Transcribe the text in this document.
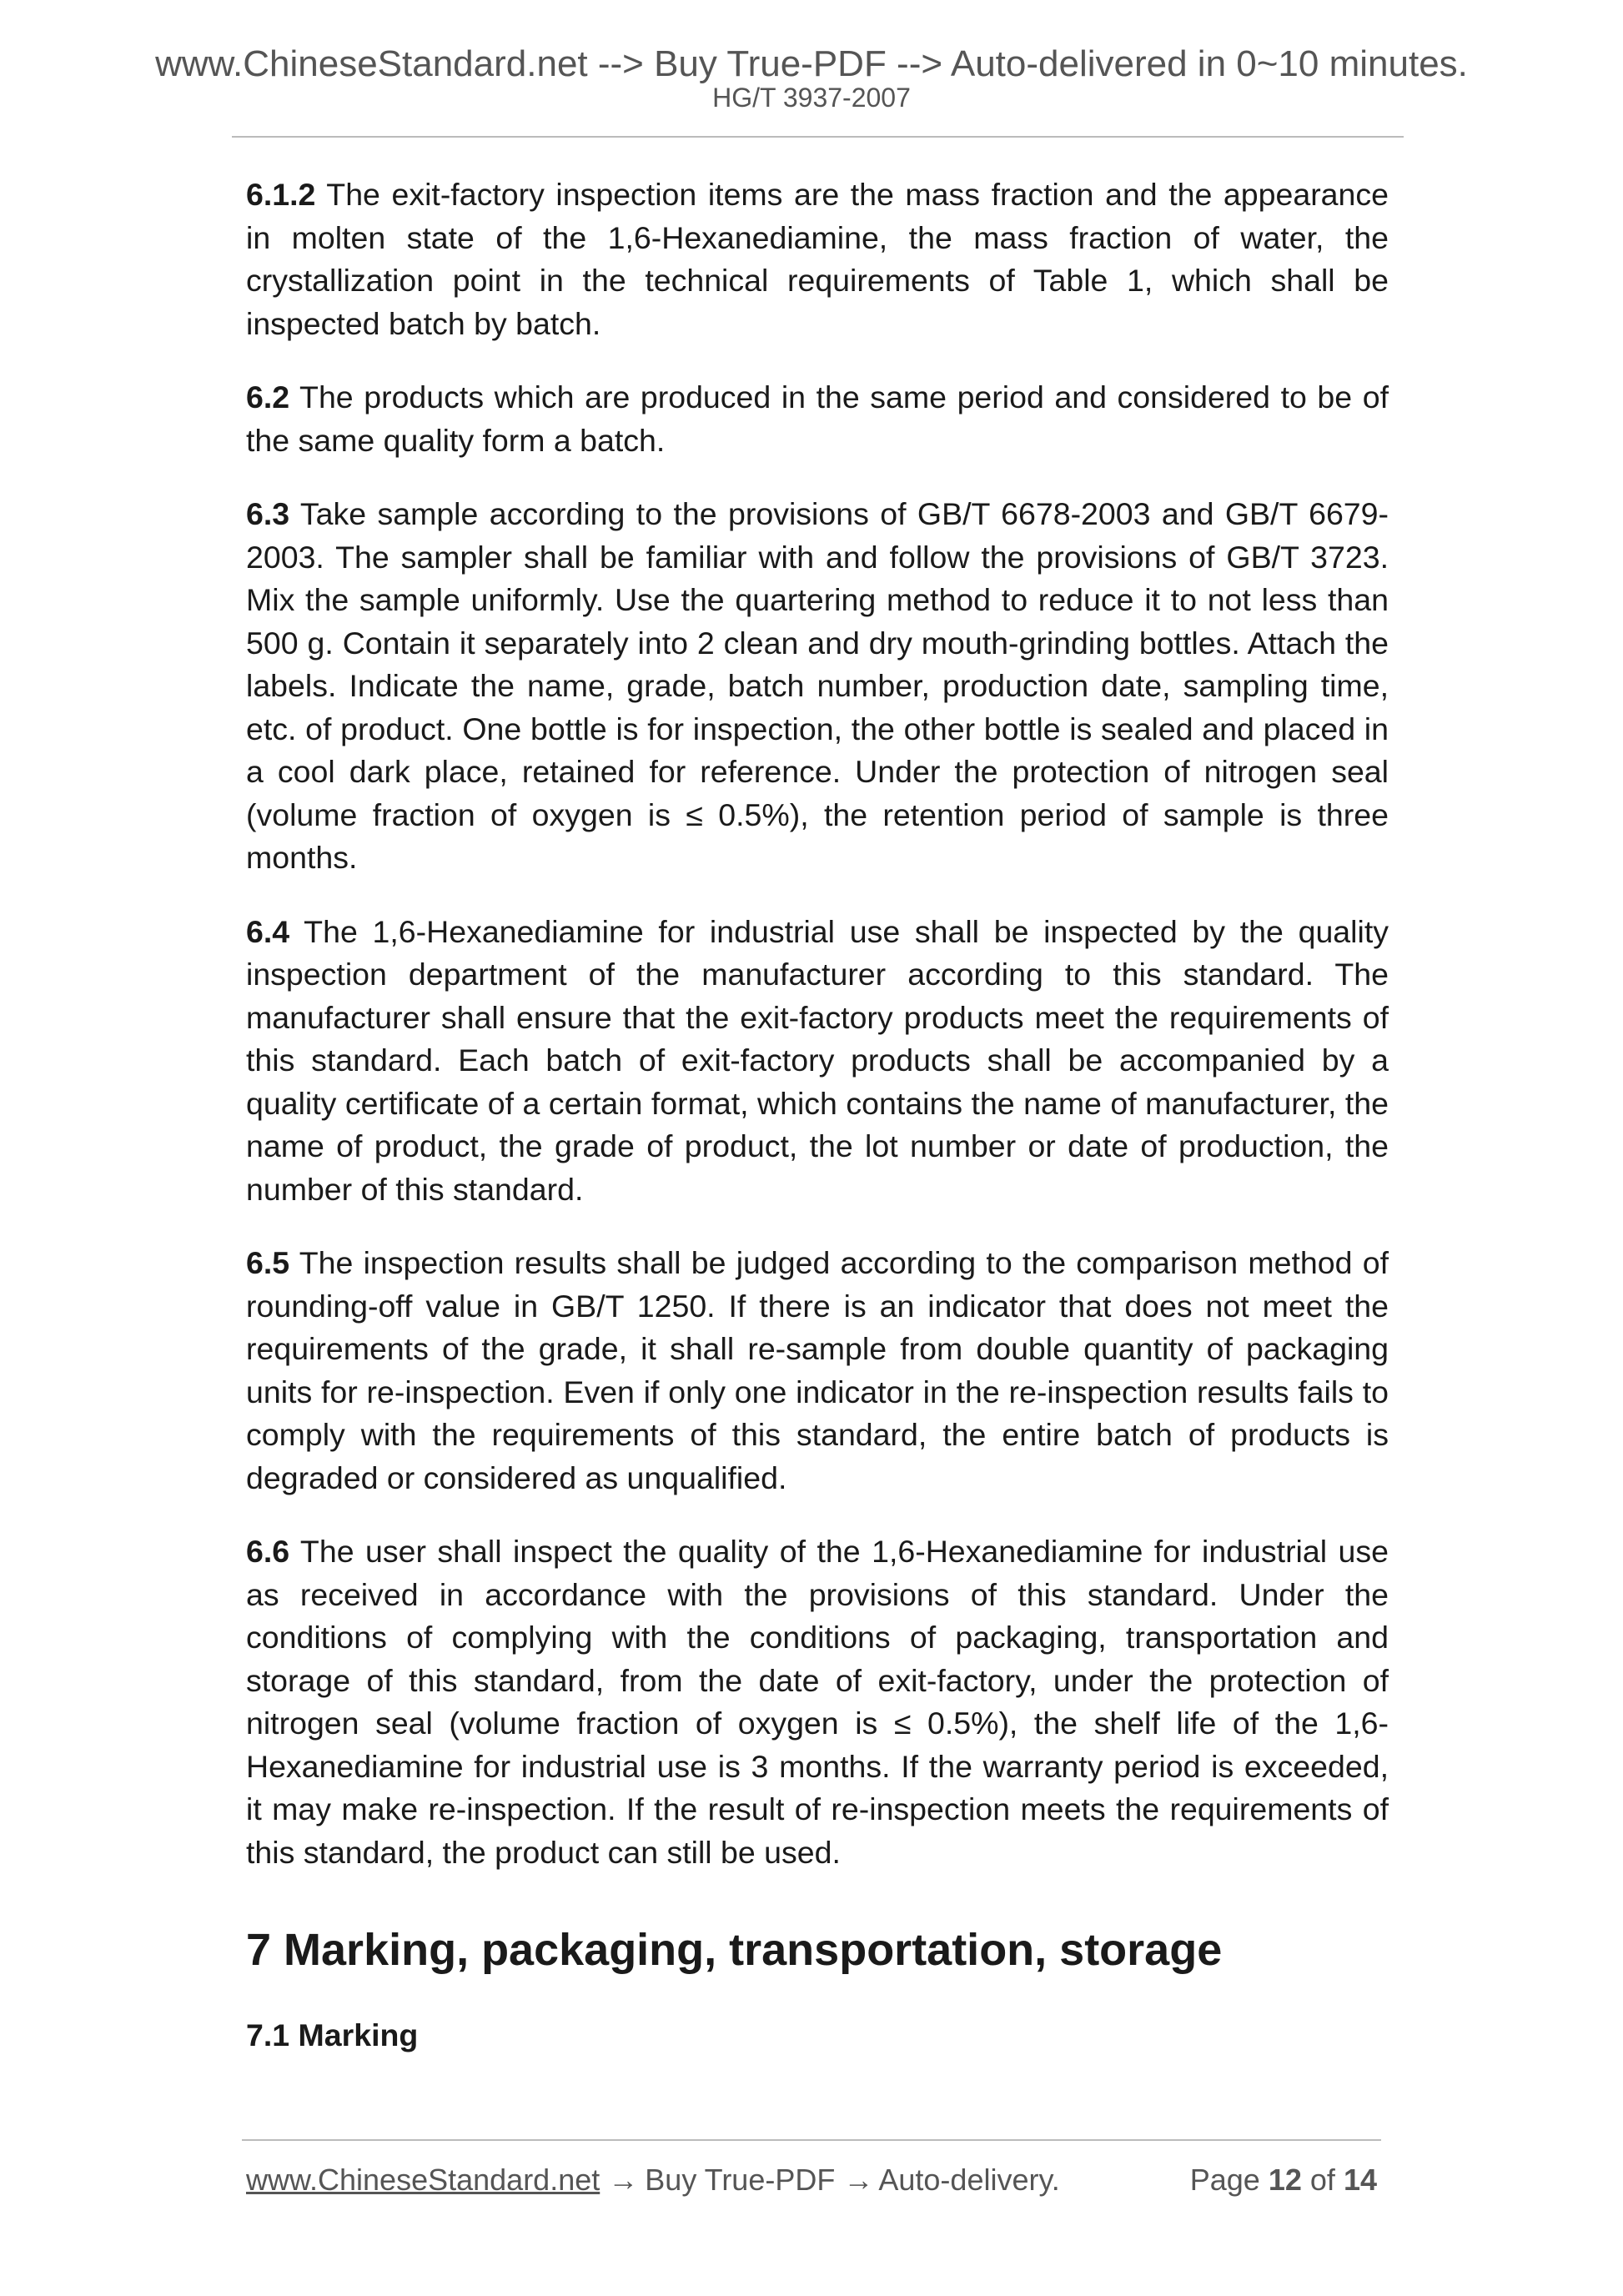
www.ChineseStandard.net --> Buy True-PDF --> Auto-delivered in 0~10 minutes.
HG/T 3937-2007

6.1.2 The exit-factory inspection items are the mass fraction and the appearance in molten state of the 1,6-Hexanediamine, the mass fraction of water, the crystallization point in the technical requirements of Table 1, which shall be inspected batch by batch.

6.2 The products which are produced in the same period and considered to be of the same quality form a batch.

6.3 Take sample according to the provisions of GB/T 6678-2003 and GB/T 6679-2003. The sampler shall be familiar with and follow the provisions of GB/T 3723. Mix the sample uniformly. Use the quartering method to reduce it to not less than 500 g. Contain it separately into 2 clean and dry mouth-grinding bottles. Attach the labels. Indicate the name, grade, batch number, production date, sampling time, etc. of product. One bottle is for inspection, the other bottle is sealed and placed in a cool dark place, retained for reference. Under the protection of nitrogen seal (volume fraction of oxygen is ≤ 0.5%), the retention period of sample is three months.

6.4 The 1,6-Hexanediamine for industrial use shall be inspected by the quality inspection department of the manufacturer according to this standard. The manufacturer shall ensure that the exit-factory products meet the requirements of this standard. Each batch of exit-factory products shall be accompanied by a quality certificate of a certain format, which contains the name of manufacturer, the name of product, the grade of product, the lot number or date of production, the number of this standard.

6.5 The inspection results shall be judged according to the comparison method of rounding-off value in GB/T 1250. If there is an indicator that does not meet the requirements of the grade, it shall re-sample from double quantity of packaging units for re-inspection. Even if only one indicator in the re-inspection results fails to comply with the requirements of this standard, the entire batch of products is degraded or considered as unqualified.

6.6 The user shall inspect the quality of the 1,6-Hexanediamine for industrial use as received in accordance with the provisions of this standard. Under the conditions of complying with the conditions of packaging, transportation and storage of this standard, from the date of exit-factory, under the protection of nitrogen seal (volume fraction of oxygen is ≤ 0.5%), the shelf life of the 1,6-Hexanediamine for industrial use is 3 months. If the warranty period is exceeded, it may make re-inspection. If the result of re-inspection meets the requirements of this standard, the product can still be used.

7 Marking, packaging, transportation, storage
7.1 Marking
www.ChineseStandard.net → Buy True-PDF → Auto-delivery.	Page 12 of 14
